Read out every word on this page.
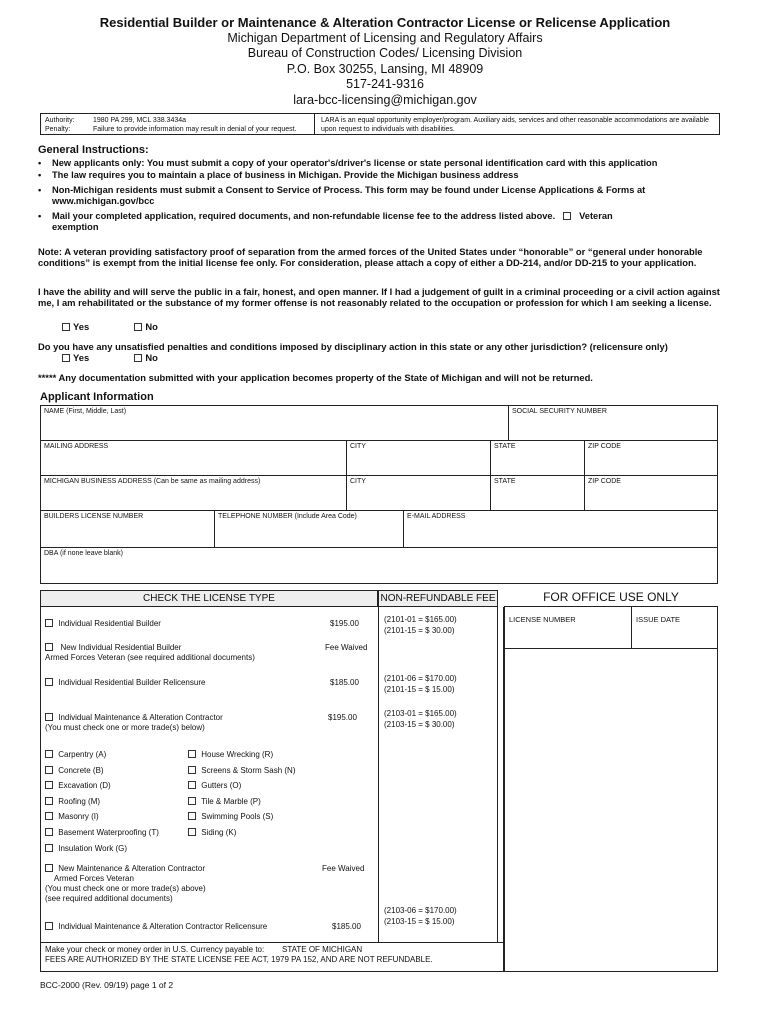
Residential Builder or Maintenance & Alteration Contractor License or Relicense Application
Michigan Department of Licensing and Regulatory Affairs
Bureau of Construction Codes/ Licensing Division
P.O. Box 30255, Lansing, MI 48909
517-241-9316
lara-bcc-licensing@michigan.gov
Authority:	1980 PA 299, MCL 338.3434a
Penalty:	Failure to provide information may result in denial of your request.
LARA is an equal opportunity employer/program. Auxiliary aids, services and other reasonable accommodations are available upon request to individuals with disabilities.
General Instructions:
• New applicants only: You must submit a copy of your operator's/driver's license or state personal identification card with this application
• The law requires you to maintain a place of business in Michigan. Provide the Michigan business address
• Non-Michigan residents must submit a Consent to Service of Process. This form may be found under License Applications & Forms at www.michigan.gov/bcc
• Mail your completed application, required documents, and non-refundable license fee to the address listed above.	Veteran
exemption
Note: A veteran providing satisfactory proof of separation from the armed forces of the United States under “honorable” or “general under honorable conditions” is exempt from the initial license fee only. For consideration, please attach a copy of either a DD-214, and/or DD-215 to your application.
I have the ability and will serve the public in a fair, honest, and open manner. If I had a judgement of guilt in a criminal proceeding or a civil action against me, I am rehabilitated or the substance of my former offense is not reasonably related to the occupation or profession for which I am seeking a license.
Yes	No
Do you have any unsatisfied penalties and conditions imposed by disciplinary action in this state or any other jurisdiction? (relicensure only)
Yes	No
***** Any documentation submitted with your application becomes property of the State of Michigan and will not be returned.
Applicant Information
NAME (First, Middle, Last)	SOCIAL SECURITY NUMBER
MAILING ADDRESS	CITY	STATE	ZIP CODE
MICHIGAN BUSINESS ADDRESS (Can be same as mailing address)	CITY	STATE	ZIP CODE
BUILDERS LICENSE NUMBER	TELEPHONE NUMBER (Include Area Code)	E-MAIL ADDRESS
DBA (if none leave blank)
CHECK THE LICENSE TYPE	NON-REFUNDABLE FEE	FOR OFFICE USE ONLY
LICENSE NUMBER	ISSUE DATE
Individual Residential Builder	$195.00	(2101-01 = $165.00)
(2101-15 = $ 30.00)
New Individual Residential Builder
Armed Forces Veteran (see required additional documents)
Fee Waived
Individual Residential Builder Relicensure	$185.00	(2101-06 = $170.00)
(2101-15 = $ 15.00)
Individual Maintenance & Alteration Contractor
(You must check one or more trade(s) below)
$195.00	(2103-01 = $165.00)
(2103-15 = $ 30.00)
Carpentry (A)
Concrete (B)
Excavation (D)
Roofing (M)
Masonry (I)
Basement Waterproofing (T)
Insulation Work (G)
House Wrecking (R)
Screens & Storm Sash (N)
Gutters (O)
Tile & Marble (P)
Swimming Pools (S)
Siding (K)
New Maintenance & Alteration Contractor
Armed Forces Veteran
(You must check one or more trade(s) above)
(see required additional documents)
Fee Waived
Individual Maintenance & Alteration Contractor Relicensure	$185.00
(2103-06 = $170.00)
(2103-15 = $ 15.00)
Make your check or money order in U.S. Currency payable to: STATE OF MICHIGAN
FEES ARE AUTHORIZED BY THE STATE LICENSE FEE ACT, 1979 PA 152, AND ARE NOT REFUNDABLE.
BCC-2000 (Rev. 09/19) page 1 of 2
